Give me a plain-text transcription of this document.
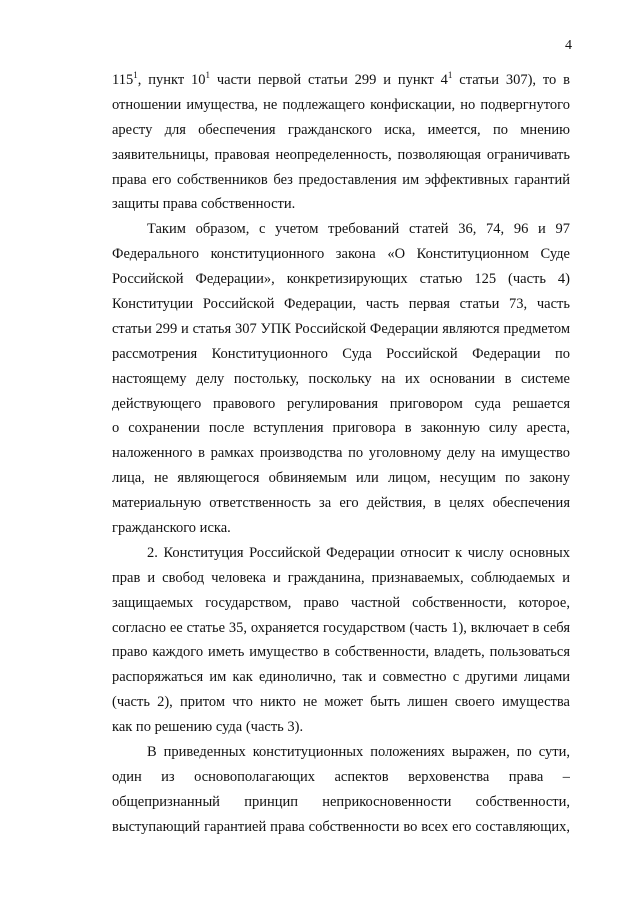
4
$115^1$, пункт $10^1$ части первой статьи 299 и пункт $4^1$ статьи 307), то в
отношении имущества, не подлежащего конфискации, но подвергнутого
аресту для обеспечения гражданского иска, имеется, по мнению
заявительницы, правовая неопределенность, позволяющая ограничивать
права его собственников без предоставления им эффективных гарантий
защиты права собственности.
Таким образом, с учетом требований статей 36, 74, 96 и 97
Федерального конституционного закона «О Конституционном Суде
Российской Федерации», конкретизирующих статью 125 (часть 4)
Конституции Российской Федерации, часть первая статьи 73, часть
статьи 299 и статья 307 УПК Российской Федерации являются предметом
рассмотрения Конституционного Суда Российской Федерации по
настоящему делу постольку, поскольку на их основании в системе
действующего правового регулирования приговором суда решается
о сохранении после вступления приговора в законную силу ареста,
наложенного в рамках производства по уголовному делу на имущество
лица, не являющегося обвиняемым или лицом, несущим по закону
материальную ответственность за его действия, в целях обеспечения
гражданского иска.
2. Конституция Российской Федерации относит к числу основных
прав и свобод человека и гражданина, признаваемых, соблюдаемых и
защищаемых государством, право частной собственности, которое,
согласно ее статье 35, охраняется государством (часть 1), включает в себя
право каждого иметь имущество в собственности, владеть, пользоваться
распоряжаться им как единолично, так и совместно с другими лицами
(часть 2), притом что никто не может быть лишен своего имущества
как по решению суда (часть 3).
В приведенных конституционных положениях выражен, по сути,
один из основополагающих аспектов верховенства права –
общепризнанный принцип неприкосновенности собственности,
выступающий гарантией права собственности во всех его составляющих,
